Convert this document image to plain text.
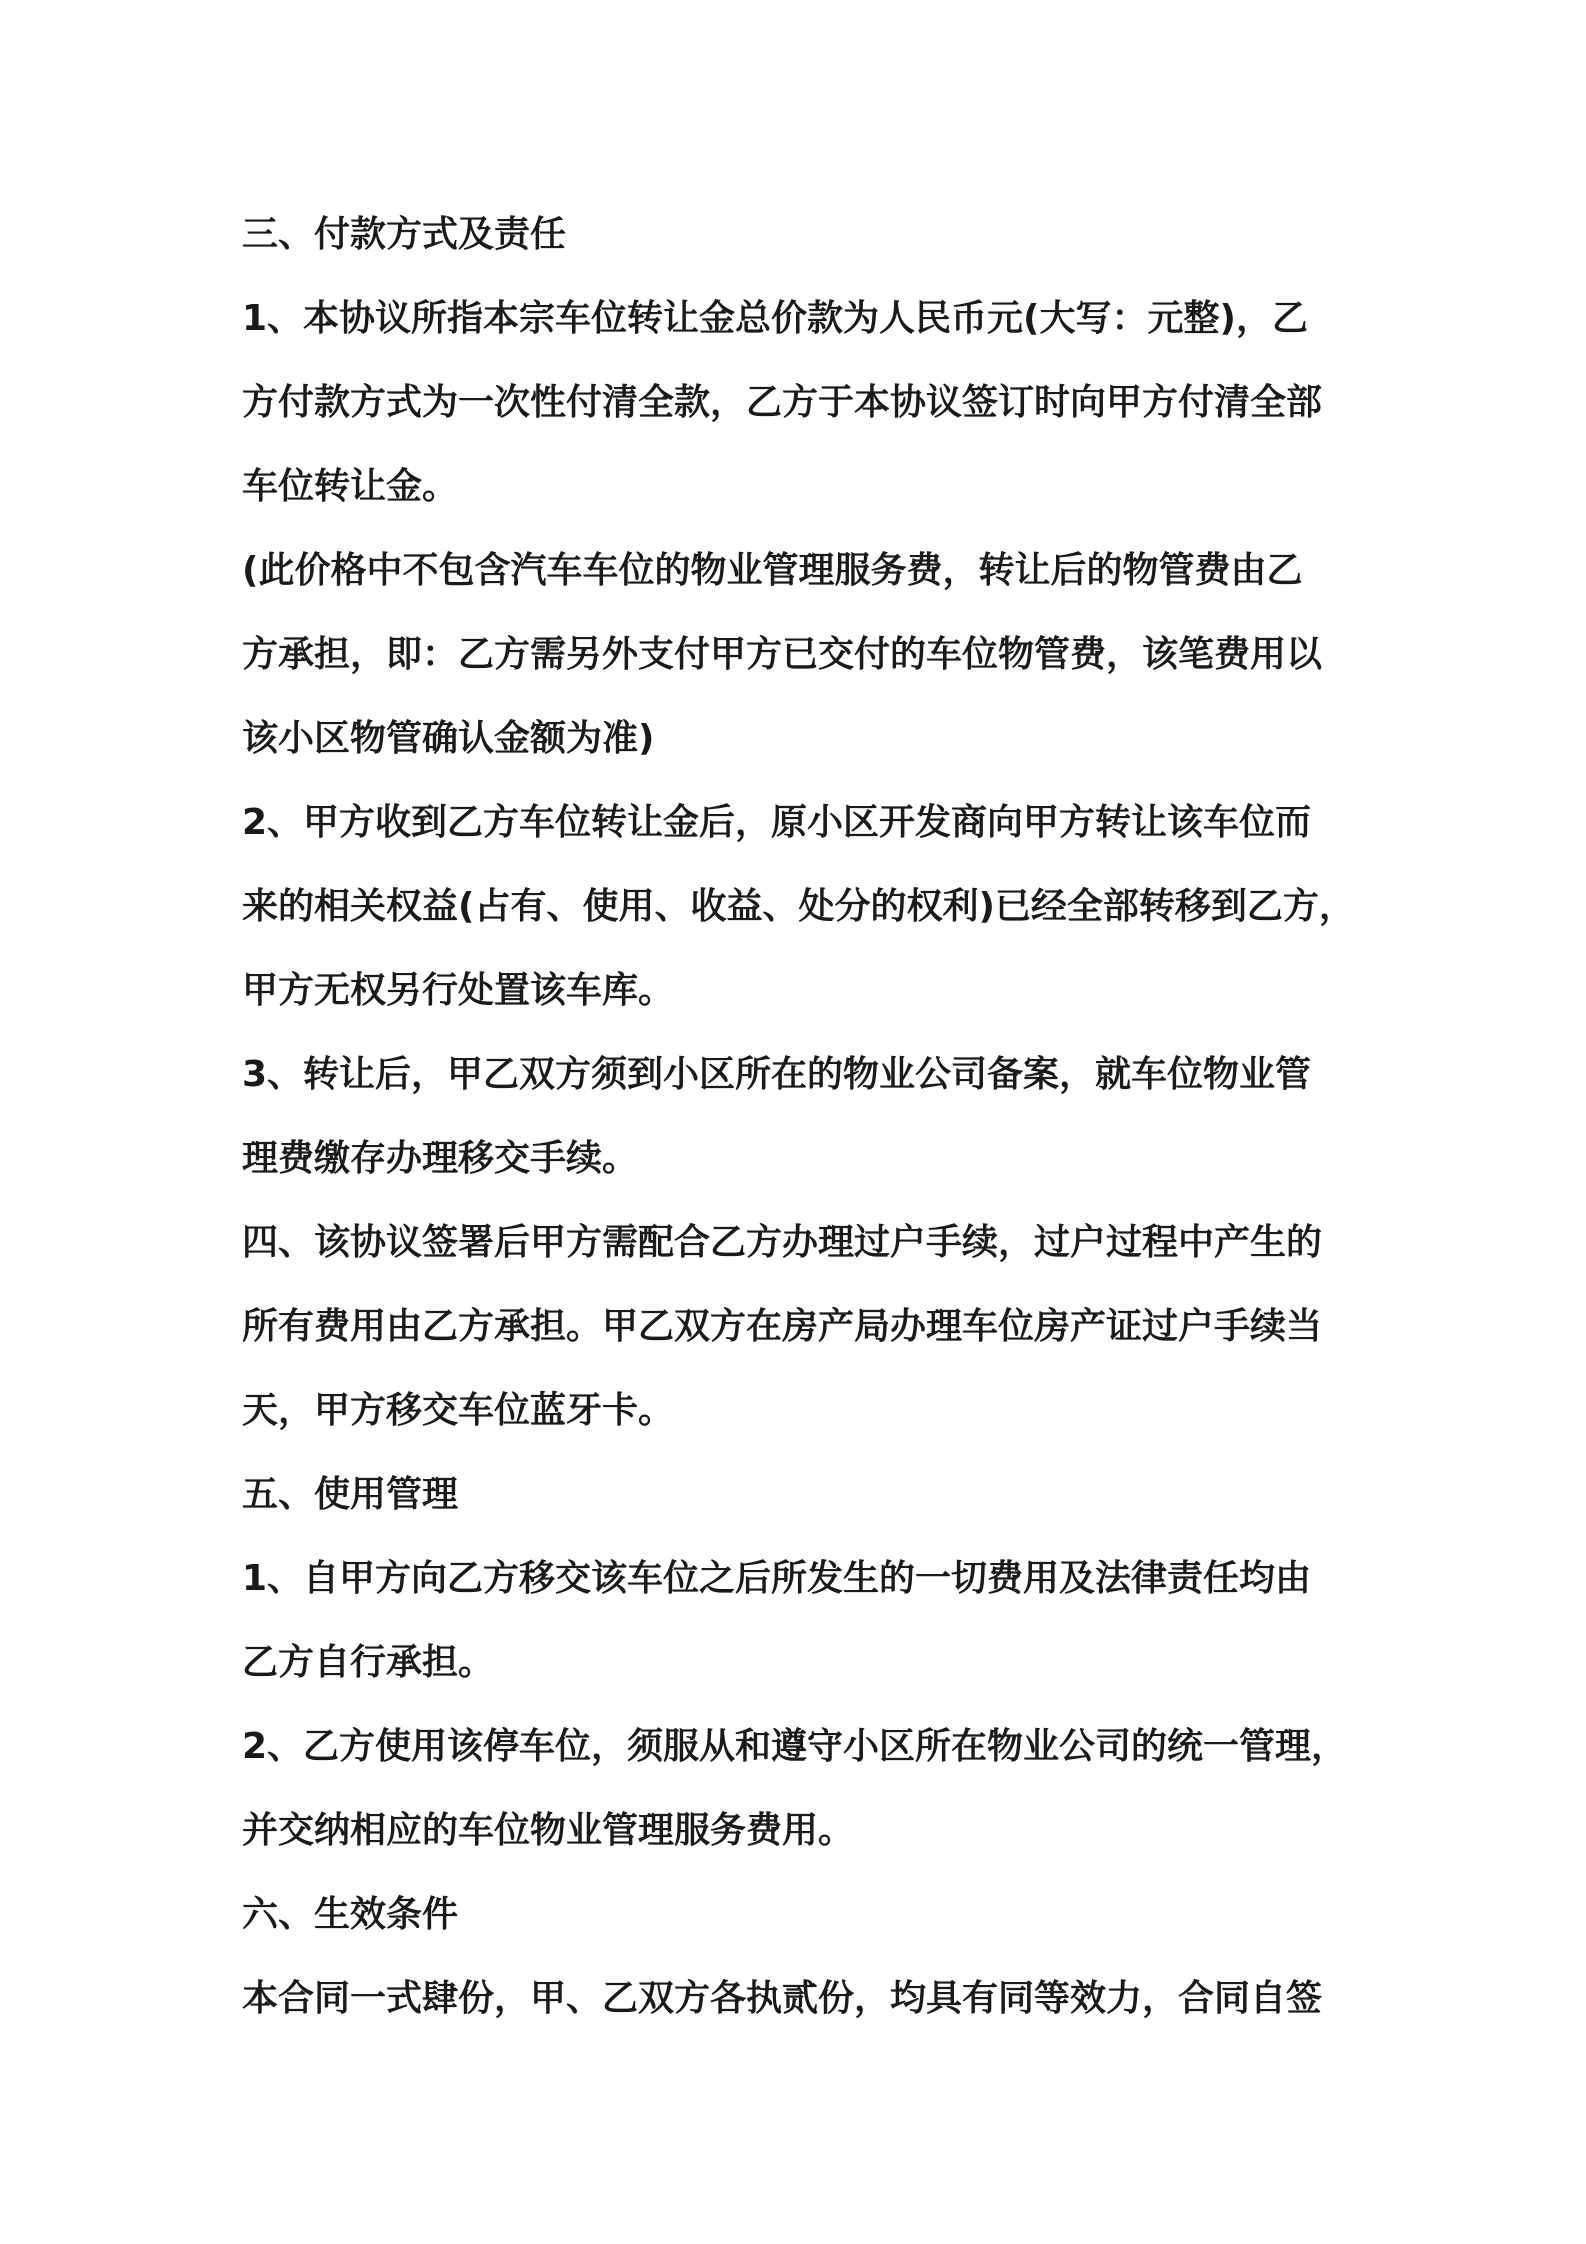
三、付款方式及责任
1、本协议所指本宗车位转让金总价款为人民币元(大写：元整)，乙
方付款方式为一次性付清全款，乙方于本协议签订时向甲方付清全部
车位转让金。
(此价格中不包含汽车车位的物业管理服务费，转让后的物管费由乙
方承担，即：乙方需另外支付甲方已交付的车位物管费，该笔费用以
该小区物管确认金额为准)
2、甲方收到乙方车位转让金后，原小区开发商向甲方转让该车位而
来的相关权益(占有、使用、收益、处分的权利)已经全部转移到乙方，
甲方无权另行处置该车库。
3、转让后，甲乙双方须到小区所在的物业公司备案，就车位物业管
理费缴存办理移交手续。
四、该协议签署后甲方需配合乙方办理过户手续，过户过程中产生的
所有费用由乙方承担。甲乙双方在房产局办理车位房产证过户手续当
天，甲方移交车位蓝牙卡。
五、使用管理
1、自甲方向乙方移交该车位之后所发生的一切费用及法律责任均由
乙方自行承担。
2、乙方使用该停车位，须服从和遵守小区所在物业公司的统一管理，
并交纳相应的车位物业管理服务费用。
六、生效条件
本合同一式肆份，甲、乙双方各执贰份，均具有同等效力，合同自签
